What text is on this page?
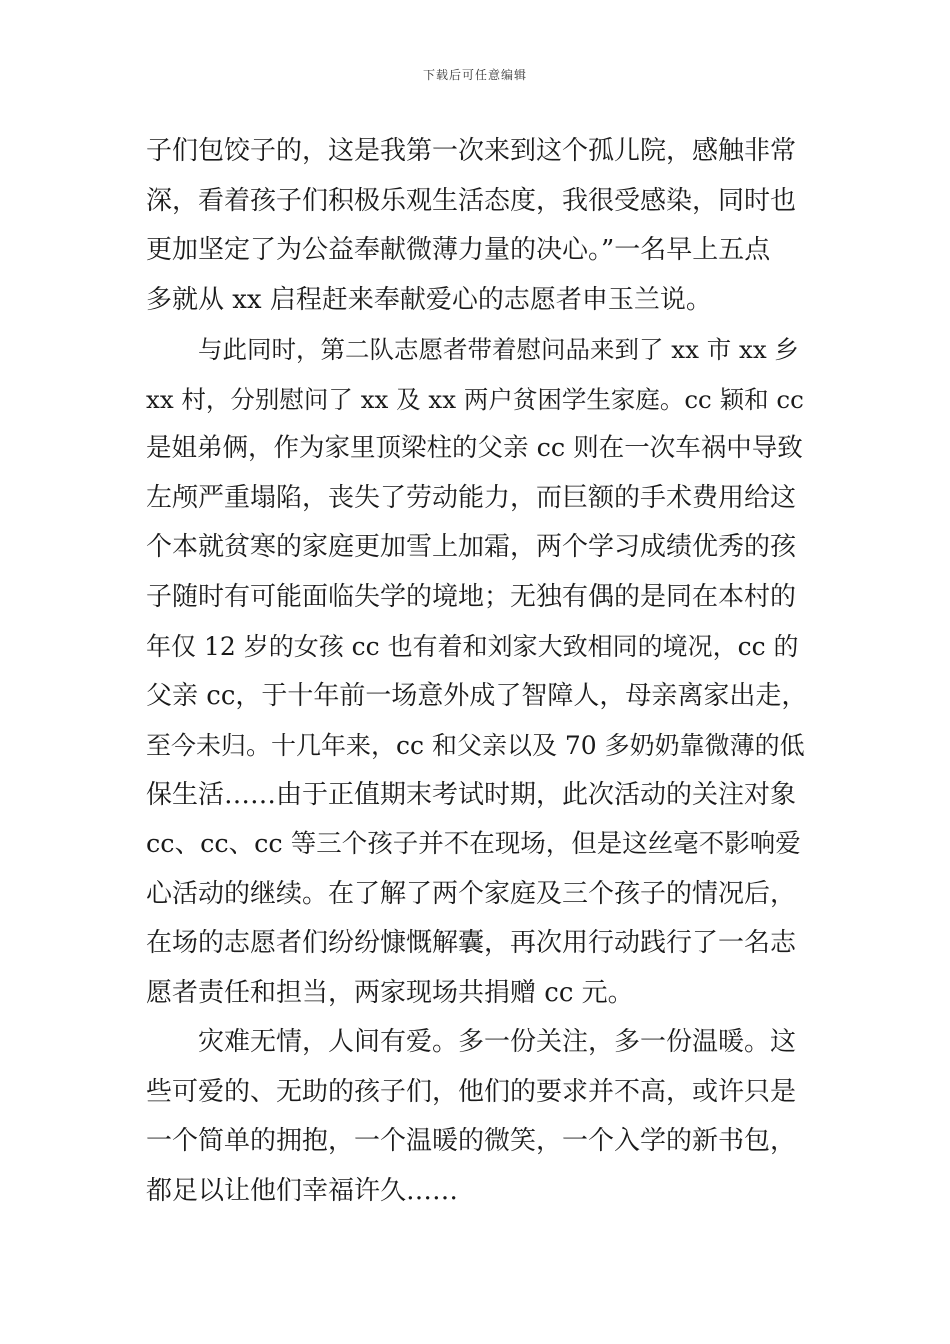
下载后可任意编辑
子们包饺子的，这是我第一次来到这个孤儿院，感触非常
深，看着孩子们积极乐观生活态度，我很受感染，同时也
更加坚定了为公益奉献微薄力量的决心。”一名早上五点
多就从 xx 启程赶来奉献爱心的志愿者申玉兰说。
与此同时，第二队志愿者带着慰问品来到了 xx 市 xx 乡
xx 村，分别慰问了 xx 及 xx 两户贫困学生家庭。cc 颖和 cc
是姐弟俩，作为家里顶梁柱的父亲 cc 则在一次车祸中导致
左颅严重塌陷，丧失了劳动能力，而巨额的手术费用给这
个本就贫寒的家庭更加雪上加霜，两个学习成绩优秀的孩
子随时有可能面临失学的境地；无独有偶的是同在本村的
年仅 12 岁的女孩 cc 也有着和刘家大致相同的境况，cc 的
父亲 cc，于十年前一场意外成了智障人，母亲离家出走，
至今未归。十几年来，cc 和父亲以及 70 多奶奶靠微薄的低
保生活……由于正值期末考试时期，此次活动的关注对象
cc、cc、cc 等三个孩子并不在现场，但是这丝毫不影响爱
心活动的继续。在了解了两个家庭及三个孩子的情况后，
在场的志愿者们纷纷慷慨解囊，再次用行动践行了一名志
愿者责任和担当，两家现场共捐赠 cc 元。
灾难无情，人间有爱。多一份关注，多一份温暖。这
些可爱的、无助的孩子们，他们的要求并不高，或许只是
一个简单的拥抱，一个温暖的微笑，一个入学的新书包，
都足以让他们幸福许久……
